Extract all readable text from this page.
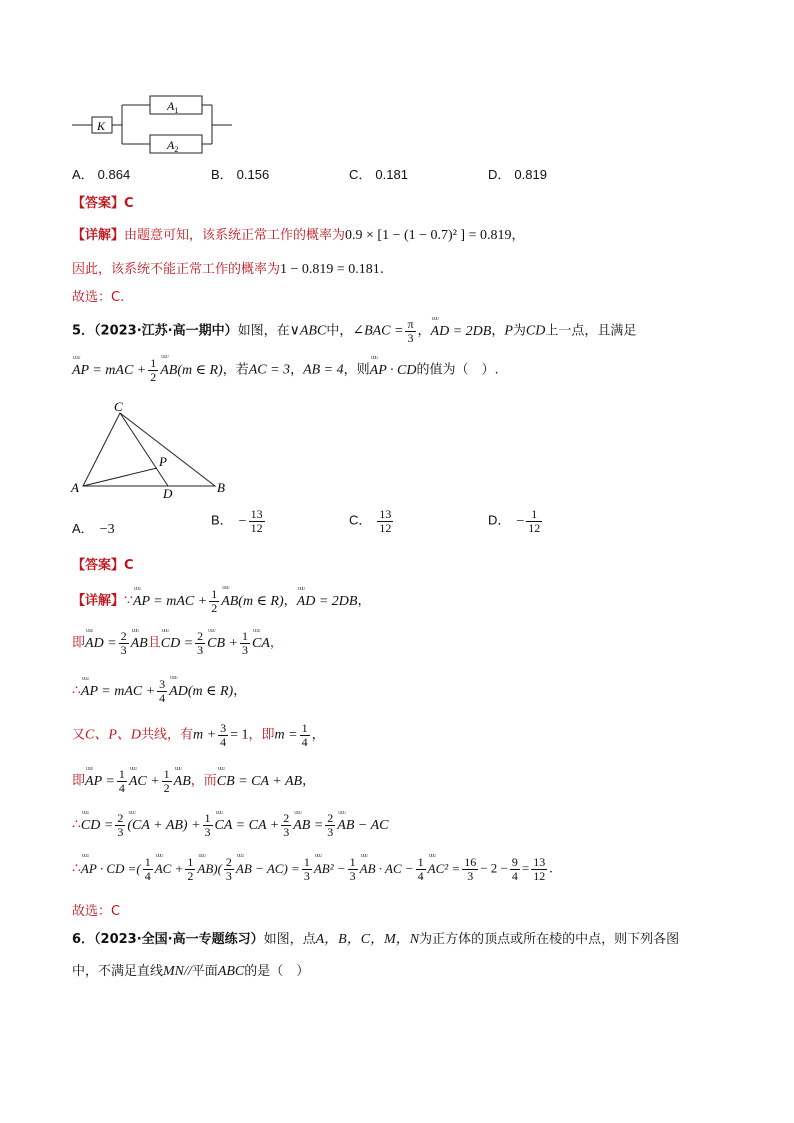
K
$A_1$
$A_2$
A． 0.864	B． 0.156	C． 0.181	D． 0.819
【答案】C
【详解】由题意可知，该系统正常工作的概率为0.9 × [1 − (1 − 0.7)² ] = 0.819，
因此，该系统不能正常工作的概率为1 − 0.819 = 0.181.
故选：C.
5．（2023·江苏·高一期中）如图，在∨ABC中，∠BAC = $\frac{\pi}{3}$ ，ᵁᵁᵁ AD = 2DB，P为CD上一点，且满足
ᵁᵁᵁ AP = mAC + $\frac{1}{2}$ ᵁᵁᵁ AB(m ∈ R)，若AC = 3，AB = 4，则ᵁᵁᵁ AP · CD的值为（　）.
C
P
A	D	B
A． −3
B． − $\frac{13}{12}$	C． $\frac{13}{12}$	D． − $\frac{1}{12}$
【答案】C
【详解】∵ᵁᵁᵁ AP = mAC + $\frac{1}{2}$ ᵁᵁᵁ AB(m ∈ R)，ᵁᵁᵁ AD = 2DB，
即ᵁᵁᵁ AD = $\frac{2}{3}$ ᵁᵁᵁ AB且ᵁᵁᵁ CD = $\frac{2}{3}$ ᵁᵁᵁ CB + $\frac{1}{3}$ ᵁᵁᵁ CA，
∴ᵁᵁᵁ AP = mAC + $\frac{3}{4}$ ᵁᵁᵁ AD(m ∈ R)，
又C、P、D共线，有$m + \frac{3}{4} = 1$，即$m = \frac{1}{4}$ ，
即ᵁᵁᵁ AP = $\frac{1}{4}$ ᵁᵁᵁ AC + $\frac{1}{2}$ ᵁᵁᵁ AB，而ᵁᵁᵁ CB = CA + AB，
∴ᵁᵁᵁ CD = $\frac{2}{3}$ ᵁᵁᵁ $(CA + AB) + \frac{1}{3}$ ᵁᵁᵁ CA = CA + $\frac{2}{3}$ ᵁᵁᵁ AB = $\frac{2}{3}$ ᵁᵁᵁ AB − AC
∴ᵁᵁᵁ AP · CD =( $\frac{1}{4}$ ᵁᵁᵁ AC + $\frac{1}{2}$ ᵁᵁᵁ $AB)( \frac{2}{3}$ ᵁᵁᵁ AB − $AC) = \frac{1}{3}$ ᵁᵁᵁ $AB^2 - \frac{1}{3}$ ᵁᵁᵁ AB · AC − $\frac{1}{4}$ ᵁᵁᵁ $AC^2 = \frac{16}{3} - 2 - \frac{9}{4} = \frac{13}{12}$ .
故选：C
6．（2023·全国·高一专题练习）如图，点A，B，C，M，N为正方体的顶点或所在棱的中点，则下列各图
中，不满足直线MN//平面ABC的是（　）
